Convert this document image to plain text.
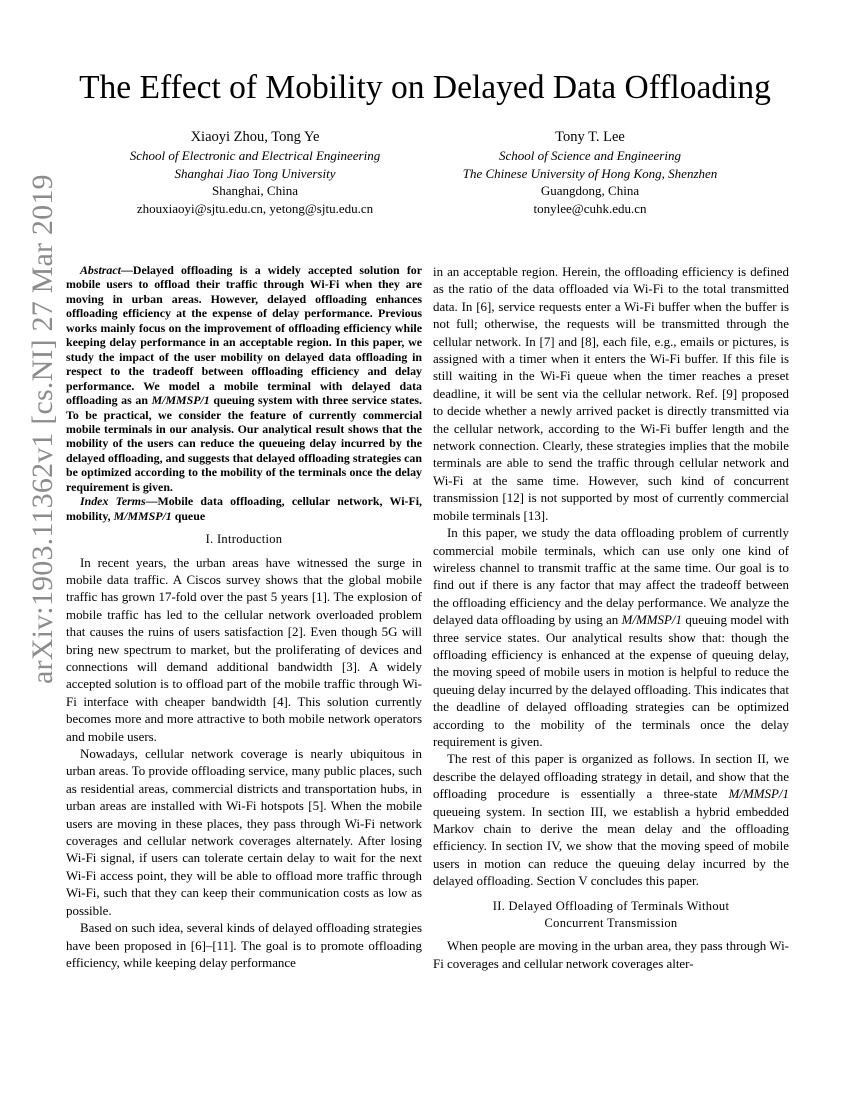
The Effect of Mobility on Delayed Data Offloading
Xiaoyi Zhou, Tong Ye
School of Electronic and Electrical Engineering
Shanghai Jiao Tong University
Shanghai, China
zhouxiaoyi@sjtu.edu.cn, yetong@sjtu.edu.cn
Tony T. Lee
School of Science and Engineering
The Chinese University of Hong Kong, Shenzhen
Guangdong, China
tonylee@cuhk.edu.cn
arXiv:1903.11362v1 [cs.NI] 27 Mar 2019	Abstract—Delayed offloading is a widely accepted solution for mobile users to offload their traffic through Wi-Fi when they are moving in urban areas. However, delayed offloading enhances offloading efficiency at the expense of delay performance. Previous works mainly focus on the improvement of offloading efficiency while keeping delay performance in an acceptable region. In this paper, we study the impact of the user mobility on delayed data offloading in respect to the tradeoff between offloading efficiency and delay performance. We model a mobile terminal with delayed data offloading as an M/MMSP/1 queuing system with three service states. To be practical, we consider the feature of currently commercial mobile terminals in our analysis. Our analytical result shows that the mobility of the users can reduce the queueing delay incurred by the delayed offloading, and suggests that delayed offloading strategies can be optimized according to the mobility of the terminals once the delay requirement is given.

Index Terms—Mobile data offloading, cellular network, Wi-Fi, mobility, M/MMSP/1 queue

I. Introduction

In recent years, the urban areas have witnessed the surge in mobile data traffic. A Ciscos survey shows that the global mobile traffic has grown 17-fold over the past 5 years [1]. The explosion of mobile traffic has led to the cellular network overloaded problem that causes the ruins of users satisfaction [2]. Even though 5G will bring new spectrum to market, but the proliferating of devices and connections will demand additional bandwidth [3]. A widely accepted solution is to offload part of the mobile traffic through Wi-Fi interface with cheaper bandwidth [4]. This solution currently becomes more and more attractive to both mobile network operators and mobile users.

Nowadays, cellular network coverage is nearly ubiquitous in urban areas. To provide offloading service, many public places, such as residential areas, commercial districts and transportation hubs, in urban areas are installed with Wi-Fi hotspots [5]. When the mobile users are moving in these places, they pass through Wi-Fi network coverages and cellular network coverages alternately. After losing Wi-Fi signal, if users can tolerate certain delay to wait for the next Wi-Fi access point, they will be able to offload more traffic through Wi-Fi, such that they can keep their communication costs as low as possible.

Based on such idea, several kinds of delayed offloading strategies have been proposed in [6]–[11]. The goal is to promote offloading efficiency, while keeping delay performance

in an acceptable region. Herein, the offloading efficiency is defined as the ratio of the data offloaded via Wi-Fi to the total transmitted data. In [6], service requests enter a Wi-Fi buffer when the buffer is not full; otherwise, the requests will be transmitted through the cellular network. In [7] and [8], each file, e.g., emails or pictures, is assigned with a timer when it enters the Wi-Fi buffer. If this file is still waiting in the Wi-Fi queue when the timer reaches a preset deadline, it will be sent via the cellular network. Ref. [9] proposed to decide whether a newly arrived packet is directly transmitted via the cellular network, according to the Wi-Fi buffer length and the network connection. Clearly, these strategies implies that the mobile terminals are able to send the traffic through cellular network and Wi-Fi at the same time. However, such kind of concurrent transmission [12] is not supported by most of currently commercial mobile terminals [13].

In this paper, we study the data offloading problem of currently commercial mobile terminals, which can use only one kind of wireless channel to transmit traffic at the same time. Our goal is to find out if there is any factor that may affect the tradeoff between the offloading efficiency and the delay performance. We analyze the delayed data offloading by using an M/MMSP/1 queuing model with three service states. Our analytical results show that: though the offloading efficiency is enhanced at the expense of queuing delay, the moving speed of mobile users in motion is helpful to reduce the queuing delay incurred by the delayed offloading. This indicates that the deadline of delayed offloading strategies can be optimized according to the mobility of the terminals once the delay requirement is given.

The rest of this paper is organized as follows. In section II, we describe the delayed offloading strategy in detail, and show that the offloading procedure is essentially a three-state M/MMSP/1 queueing system. In section III, we establish a hybrid embedded Markov chain to derive the mean delay and the offloading efficiency. In section IV, we show that the moving speed of mobile users in motion can reduce the queuing delay incurred by the delayed offloading. Section V concludes this paper.

II. Delayed Offloading of Terminals Without
Concurrent Transmission

When people are moving in the urban area, they pass through Wi-Fi coverages and cellular network coverages alter-
